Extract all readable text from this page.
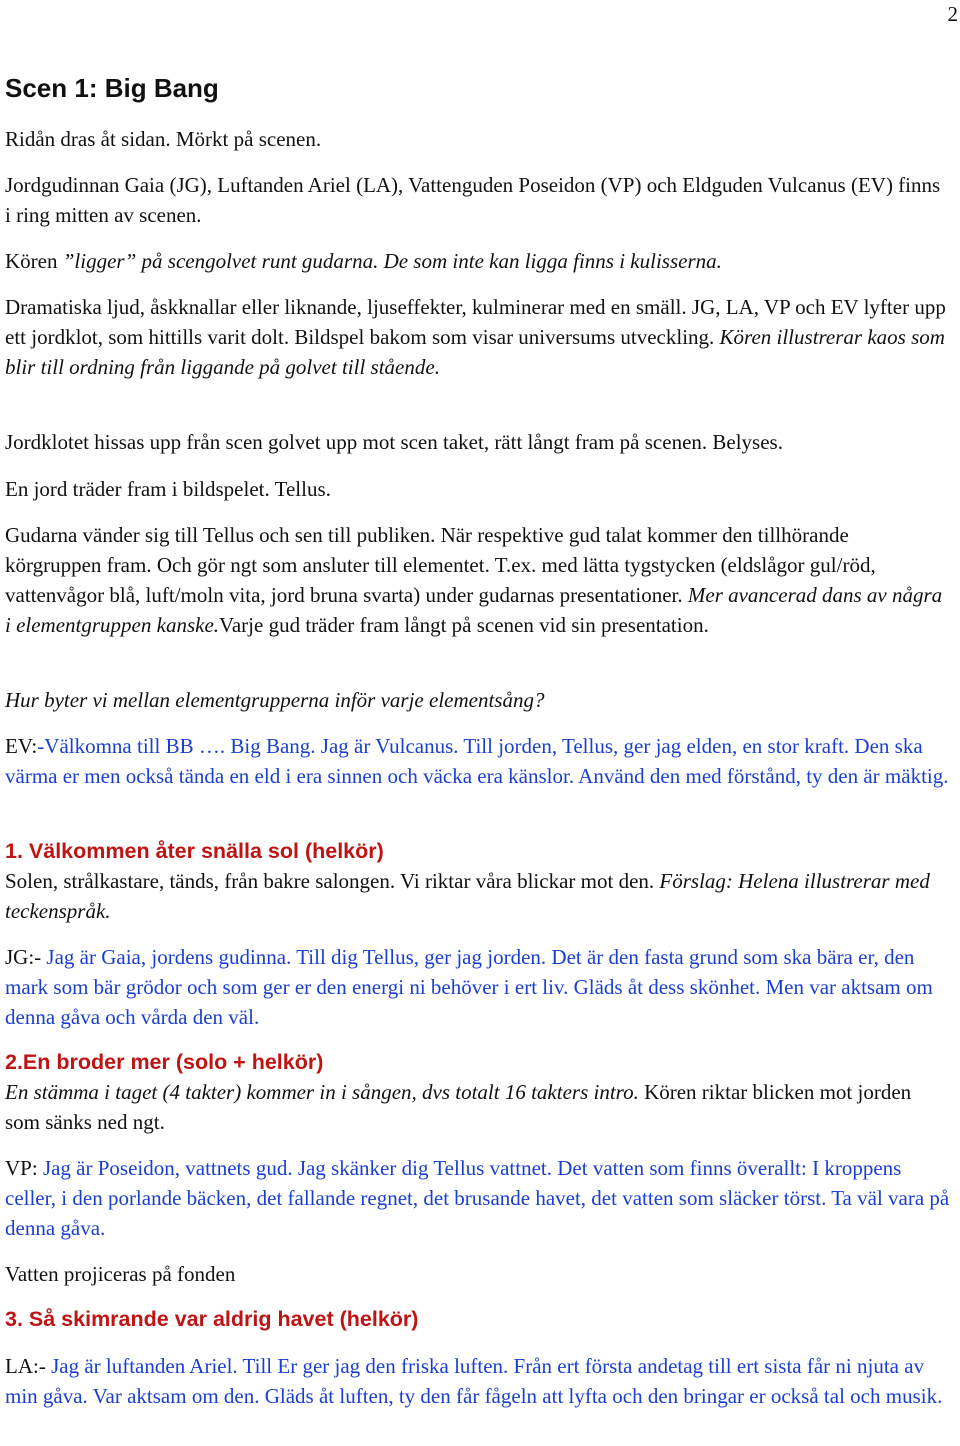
2
Scen 1: Big Bang

Ridån dras åt sidan. Mörkt på scenen.

Jordgudinnan Gaia (JG), Luftanden Ariel (LA), Vattenguden Poseidon (VP) och Eldguden Vulcanus (EV) finns i ring mitten av scenen.

Kören ”ligger” på scengolvet runt gudarna. De som inte kan ligga finns i kulisserna.

Dramatiska ljud, åskknallar eller liknande, ljuseffekter, kulminerar med en smäll. JG, LA, VP och EV lyfter upp ett jordklot, som hittills varit dolt. Bildspel bakom som visar universums utveckling. Kören illustrerar kaos som blir till ordning från liggande på golvet till stående.

Jordklotet hissas upp från scen golvet upp mot scen taket, rätt långt fram på scenen. Belyses.

En jord träder fram i bildspelet. Tellus.

Gudarna vänder sig till Tellus och sen till publiken. När respektive gud talat kommer den tillhörande körgruppen fram. Och gör ngt som ansluter till elementet. T.ex. med lätta tygstycken (eldslågor gul/röd, vattenvågor blå, luft/moln vita, jord bruna svarta) under gudarnas presentationer. Mer avancerad dans av några i elementgruppen kanske.Varje gud träder fram långt på scenen vid sin presentation.

Hur byter vi mellan elementgrupperna inför varje elementsång?

EV:-Välkomna till BB …. Big Bang. Jag är Vulcanus. Till jorden, Tellus, ger jag elden, en stor kraft. Den ska värma er men också tända en eld i era sinnen och väcka era känslor. Använd den med förstånd, ty den är mäktig.

1. Välkommen åter snälla sol (helkör)

Solen, strålkastare, tänds, från bakre salongen. Vi riktar våra blickar mot den. Förslag: Helena illustrerar med teckenspråk.

JG:- Jag är Gaia, jordens gudinna. Till dig Tellus, ger jag jorden. Det är den fasta grund som ska bära er, den mark som bär grödor och som ger er den energi ni behöver i ert liv. Gläds åt dess skönhet. Men var aktsam om denna gåva och vårda den väl.

2.En broder mer (solo + helkör)

En stämma i taget (4 takter) kommer in i sången, dvs totalt 16 takters intro. Kören riktar blicken mot jorden som sänks ned ngt.

VP: Jag är Poseidon, vattnets gud. Jag skänker dig Tellus vattnet. Det vatten som finns överallt: I kroppens celler, i den porlande bäcken, det fallande regnet, det brusande havet, det vatten som släcker törst. Ta väl vara på denna gåva.

Vatten projiceras på fonden

3. Så skimrande var aldrig havet (helkör)

LA:- Jag är luftanden Ariel. Till Er ger jag den friska luften. Från ert första andetag till ert sista får ni njuta av min gåva. Var aktsam om den. Gläds åt luften, ty den får fågeln att lyfta och den bringar er också tal och musik.
